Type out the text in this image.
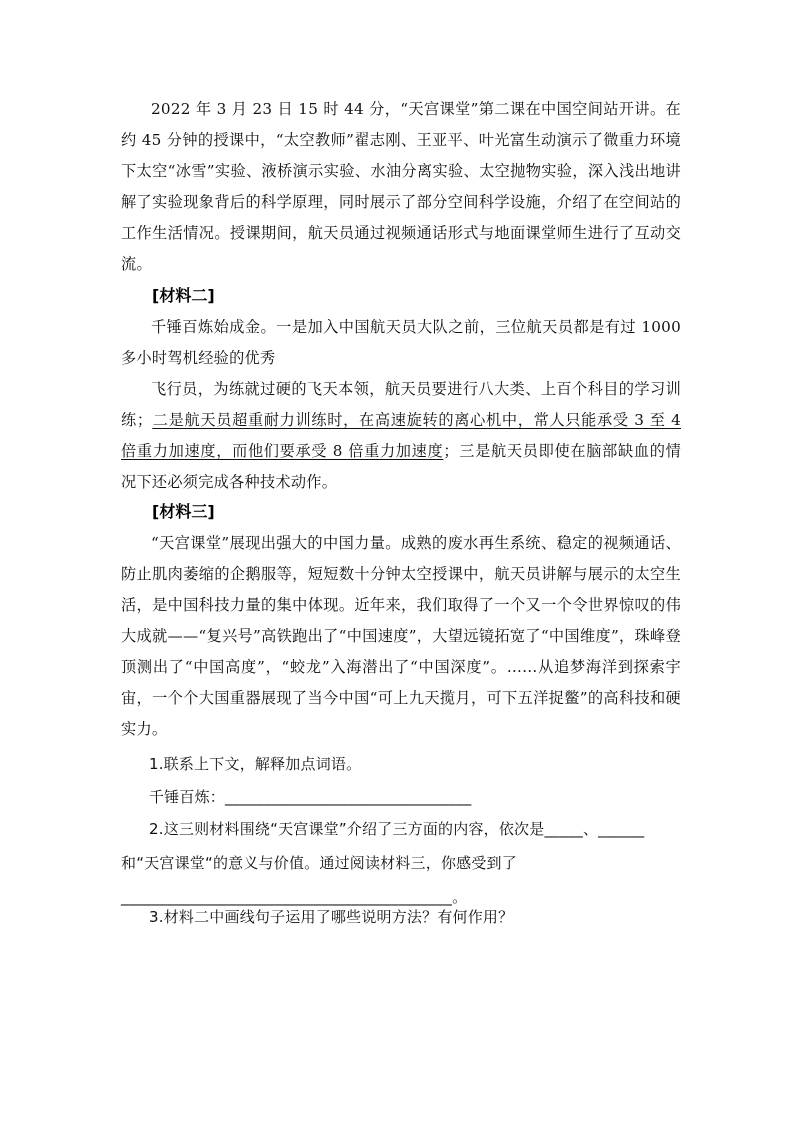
2022 年 3 月 23 日 15 时 44 分，“天宫课堂”第二课在中国空间站开讲。在约 45 分钟的授课中，“太空教师”翟志刚、王亚平、叶光富生动演示了微重力环境下太空“冰雪”实验、液桥演示实验、水油分离实验、太空抛物实验，深入浅出地讲解了实验现象背后的科学原理，同时展示了部分空间科学设施，介绍了在空间站的工作生活情况。授课期间，航天员通过视频通话形式与地面课堂师生进行了互动交流。

[材料二]

千锤百炼始成金。一是加入中国航天员大队之前，三位航天员都是有过 1000 多小时驾机经验的优秀

飞行员，为练就过硬的飞天本领，航天员要进行八大类、上百个科目的学习训练；二是航天员超重耐力训练时，在高速旋转的离心机中，常人只能承受 3 至 4 倍重力加速度，而他们要承受 8 倍重力加速度；三是航天员即使在脑部缺血的情况下还必须完成各种技术动作。

[材料三]

“天宫课堂”展现出强大的中国力量。成熟的废水再生系统、稳定的视频通话、防止肌肉萎缩的企鹅服等，短短数十分钟太空授课中，航天员讲解与展示的太空生活，是中国科技力量的集中体现。近年来，我们取得了一个又一个令世界惊叹的伟大成就——“复兴号”高铁跑出了“中国速度”，大望远镜拓宽了“中国维度”，珠峰登顶测出了“中国高度”，“蛟龙”入海潜出了“中国深度”。……从追梦海洋到探索宇宙，一个个大国重器展现了当今中国“可上九天揽月，可下五洋捉鳖”的高科技和硬实力。

1.联系上下文，解释加点词语。

千锤百炼：________________________________

2.这三则材料围绕“天宫课堂”介绍了三方面的内容，依次是_____、______和“天宫课堂“的意义与价值。通过阅读材料三，你感受到了___________________________________________。

3.材料二中画线句子运用了哪些说明方法？有何作用？
